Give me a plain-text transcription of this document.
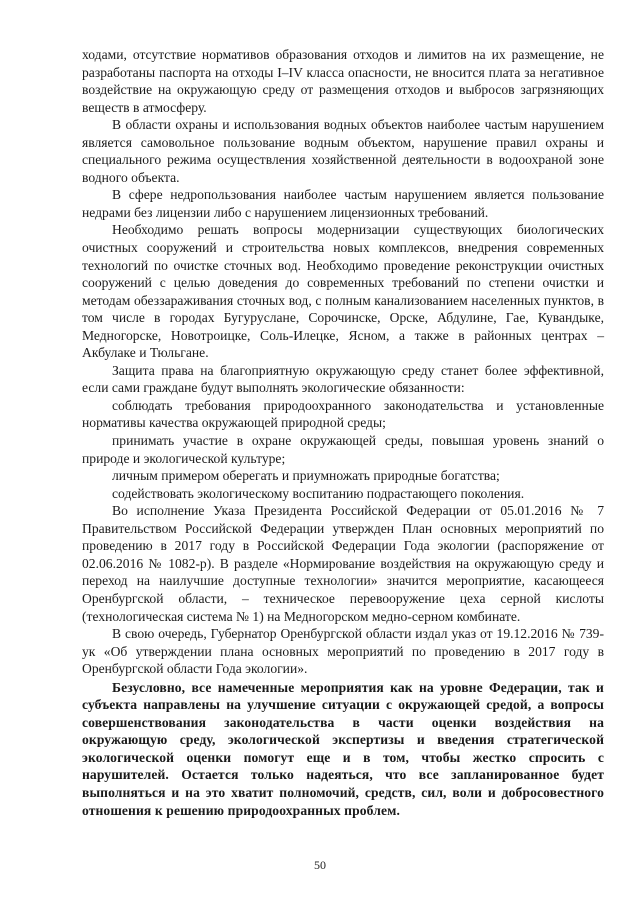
ходами, отсутствие нормативов образования отходов и лимитов на их размещение, не разработаны паспорта на отходы I–IV класса опасности, не вносится плата за негативное воздействие на окружающую среду от размещения отходов и выбросов загрязняющих веществ в атмосферу.

В области охраны и использования водных объектов наиболее частым нарушением является самовольное пользование водным объектом, нарушение правил охраны и специального режима осуществления хозяйственной деятельности в водоохраной зоне водного объекта.

В сфере недропользования наиболее частым нарушением является пользование недрами без лицензии либо с нарушением лицензионных требований.

Необходимо решать вопросы модернизации существующих биологических очистных сооружений и строительства новых комплексов, внедрения современных технологий по очистке сточных вод. Необходимо проведение реконструкции очистных сооружений с целью доведения до современных требований по степени очистки и методам обеззараживания сточных вод, с полным канализованием населенных пунктов, в том числе в городах Бугуруслане, Сорочинске, Орске, Абдулине, Гае, Кувандыке, Медногорске, Новотроицке, Соль-Илецке, Ясном, а также в районных центрах – Акбулаке и Тюльгане.

Защита права на благоприятную окружающую среду станет более эффективной, если сами граждане будут выполнять экологические обязанности:

соблюдать требования природоохранного законодательства и установленные нормативы качества окружающей природной среды;

принимать участие в охране окружающей среды, повышая уровень знаний о природе и экологической культуре;

личным примером оберегать и приумножать природные богатства;

содействовать экологическому воспитанию подрастающего поколения.

Во исполнение Указа Президента Российской Федерации от 05.01.2016 № 7 Правительством Российской Федерации утвержден План основных мероприятий по проведению в 2017 году в Российской Федерации Года экологии (распоряжение от 02.06.2016 № 1082-р). В разделе «Нормирование воздействия на окружающую среду и переход на наилучшие доступные технологии» значится мероприятие, касающееся Оренбургской области, – техническое перевооружение цеха серной кислоты (технологическая система № 1) на Медногорском медно-серном комбинате.

В свою очередь, Губернатор Оренбургской области издал указ от 19.12.2016 № 739-ук «Об утверждении плана основных мероприятий по проведению в 2017 году в Оренбургской области Года экологии».

Безусловно, все намеченные мероприятия как на уровне Федерации, так и субъекта направлены на улучшение ситуации с окружающей средой, а вопросы совершенствования законодательства в части оценки воздействия на окружающую среду, экологической экспертизы и введения стратегической экологической оценки помогут еще и в том, чтобы жестко спросить с нарушителей. Остается только надеяться, что все запланированное будет выполняться и на это хватит полномочий, средств, сил, воли и добросовестного отношения к решению природоохранных проблем.

50
